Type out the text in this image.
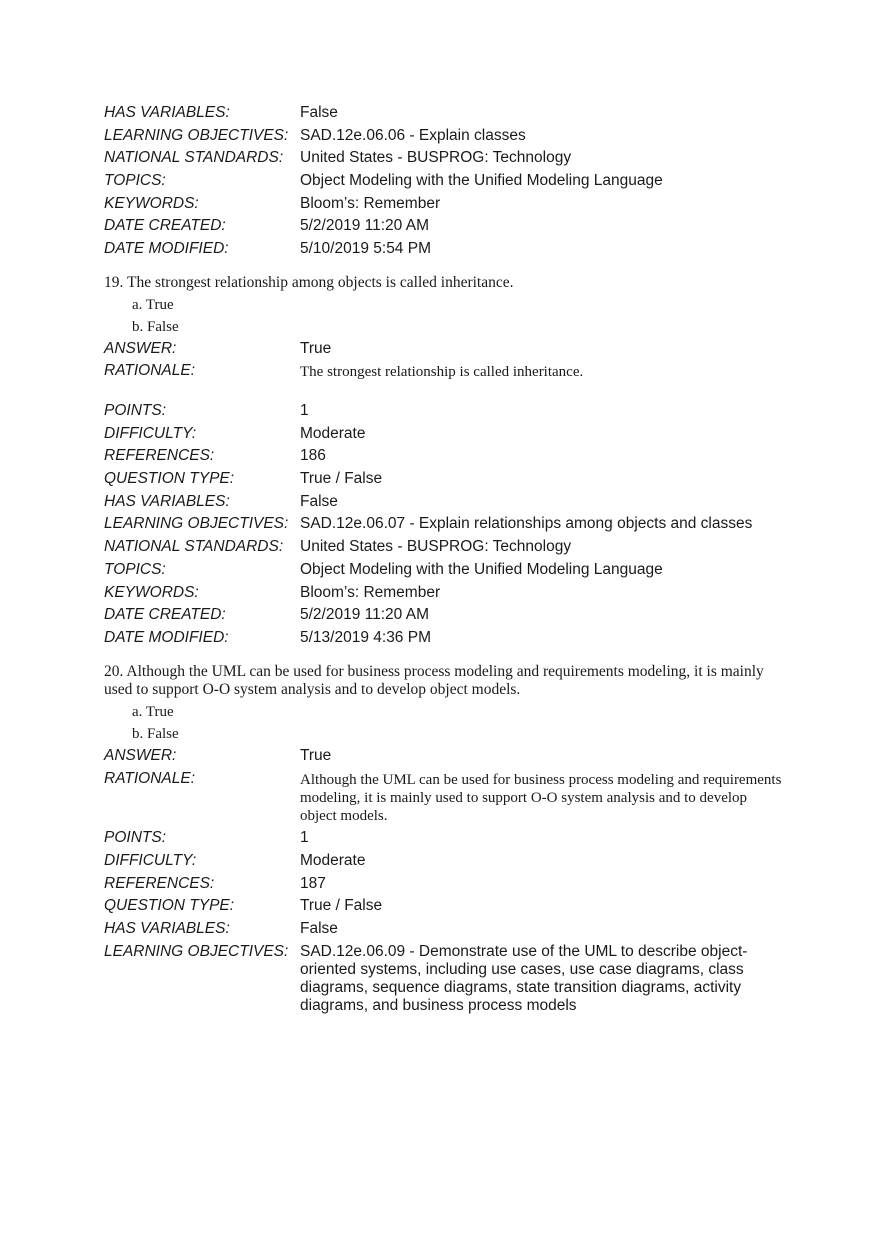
HAS VARIABLES:	False
LEARNING OBJECTIVES: SAD.12e.06.06 - Explain classes
NATIONAL STANDARDS:	United States - BUSPROG: Technology
TOPICS:	Object Modeling with the Unified Modeling Language
KEYWORDS:	Bloom’s: Remember
DATE CREATED:	5/2/2019 11:20 AM
DATE MODIFIED:	5/10/2019 5:54 PM
19. The strongest relationship among objects is called inheritance.
a. True
b. False
ANSWER:	True
RATIONALE:	The strongest relationship is called inheritance.
POINTS:	1
DIFFICULTY:	Moderate
REFERENCES:	186
QUESTION TYPE:	True / False
HAS VARIABLES:	False
LEARNING OBJECTIVES: SAD.12e.06.07 - Explain relationships among objects and classes
NATIONAL STANDARDS:	United States - BUSPROG: Technology
TOPICS:	Object Modeling with the Unified Modeling Language
KEYWORDS:	Bloom’s: Remember
DATE CREATED:	5/2/2019 11:20 AM
DATE MODIFIED:	5/13/2019 4:36 PM
20. Although the UML can be used for business process modeling and requirements modeling, it is mainly used to support O-O system analysis and to develop object models.
a. True
b. False
ANSWER:	True
RATIONALE:	Although the UML can be used for business process modeling and requirements modeling, it is mainly used to support O-O system analysis and to develop object models.
POINTS:	1
DIFFICULTY:	Moderate
REFERENCES:	187
QUESTION TYPE:	True / False
HAS VARIABLES:	False
LEARNING OBJECTIVES: SAD.12e.06.09 - Demonstrate use of the UML to describe object-oriented systems, including use cases, use case diagrams, class diagrams, sequence diagrams, state transition diagrams, activity diagrams, and business process models
